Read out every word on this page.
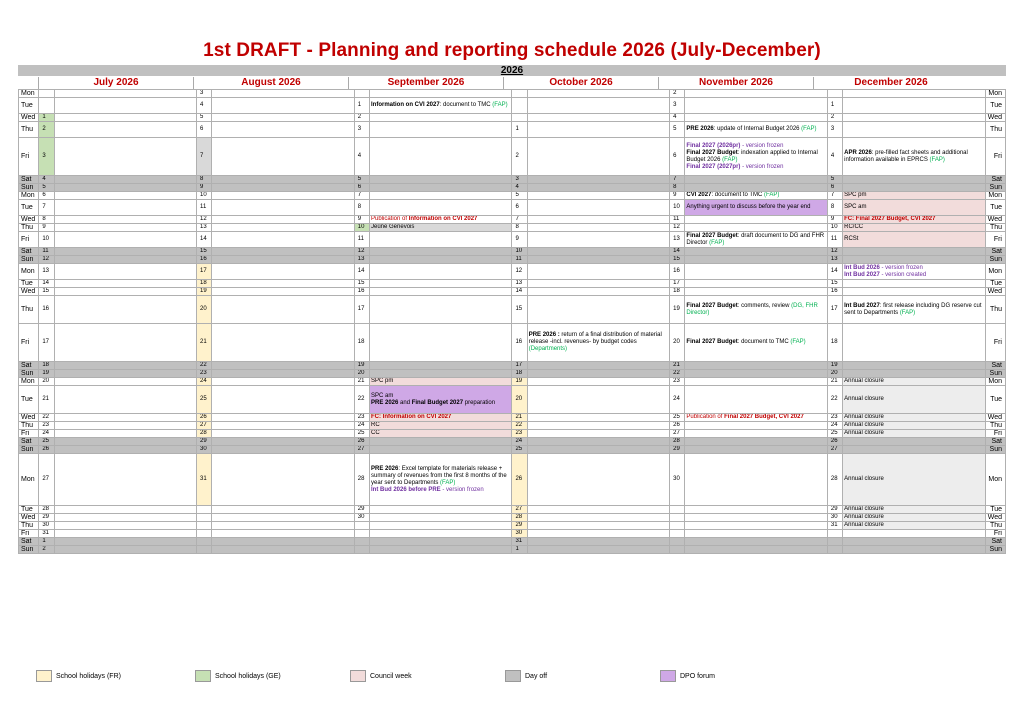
1st DRAFT - Planning and reporting schedule 2026 (July-December)
2026
July 2026	August 2026	September 2026	October 2026	November 2026	December 2026
Mon			3						2				Mon
Tue			4		1	Information on CVI 2027: document to TMC (FAP)			3		1		Tue
Wed	1		5		2				4		2		Wed
Thu	2		6		3		1		5	PRE 2026: update of Internal Budget 2026 (FAP)	3		Thu
Fri	3		7		4		2		6	Final 2027 (2026pr) - version frozen
Final 2027 Budget: indexation applied to Internal Budget 2026 (FAP)
Final 2027 (2027pr) - version frozen	4	APR 2026: pre-filled fact sheets and additional information available in EPRCS (FAP)	Fri
Sat	4		8		5		3		7		5		Sat
Sun	5		9		6		4		8		6		Sun
Mon	6		10		7		5		9	CVI 2027: document to TMC (FAP)	7	SPC pm	Mon
Tue	7		11		8		6		10	Anything urgent to discuss before the year end	8	SPC am	Tue
Wed	8		12		9	Publication of Information on CVI 2027	7		11		9	FC: Final 2027 Budget, CVI 2027	Wed
Thu	9		13		10	Jeûne Genevois	8		12		10	RC/CC	Thu
Fri	10		14		11		9		13	Final 2027 Budget: draft document to DG and FHR Director (FAP)	11	RCSt	Fri
Sat	11		15		12		10		14		12		Sat
Sun	12		16		13		11		15		13		Sun
Mon	13		17		14		12		16		14	Int Bud 2026 - version frozen
Int Bud 2027 - version created	Mon
Tue	14		18		15		13		17		15		Tue
Wed	15		19		16		14		18		16		Wed
Thu	16		20		17		15		19	Final 2027 Budget: comments, review (DG, FHR Director)	17	Int Bud 2027: first release including DG reserve cut sent to Departments (FAP)	Thu
Fri	17		21		18		16	PRE 2026 : return of a final distribution of material release -incl. revenues- by budget codes (Departments)	20	Final 2027 Budget: document to TMC (FAP)	18		Fri
Sat	18		22		19		17		21		19		Sat
Sun	19		23		20		18		22		20		Sun
Mon	20		24		21	SPC pm	19		23		21	Annual closure	Mon
Tue	21		25		22	SPC am
PRE 2026 and Final Budget 2027 preparation	20		24		22	Annual closure	Tue
Wed	22		26		23	FC: Information on CVI 2027	21		25	Publication of Final 2027 Budget, CVI 2027	23	Annual closure	Wed
Thu	23		27		24	RC	22		26		24	Annual closure	Thu
Fri	24		28		25	CC	23		27		25	Annual closure	Fri
Sat	25		29		26		24		28		26		Sat
Sun	26		30		27		25		29		27		Sun
Mon	27		31		28	PRE 2026: Excel template for materials release + summary of revenues from the first 8 months of the year sent to Departments (FAP)
Int Bud 2026 before PRE - version frozen	26		30		28	Annual closure	Mon
Tue	28				29		27				29	Annual closure	Tue
Wed	29				30		28				30	Annual closure	Wed
Thu	30						29				31	Annual closure	Thu
Fri	31						30						Fri
Sat	1						31						Sat
Sun	2						1						Sun
School holidays (FR)	School holidays (GE)	Council week	Day off	DPO forum
